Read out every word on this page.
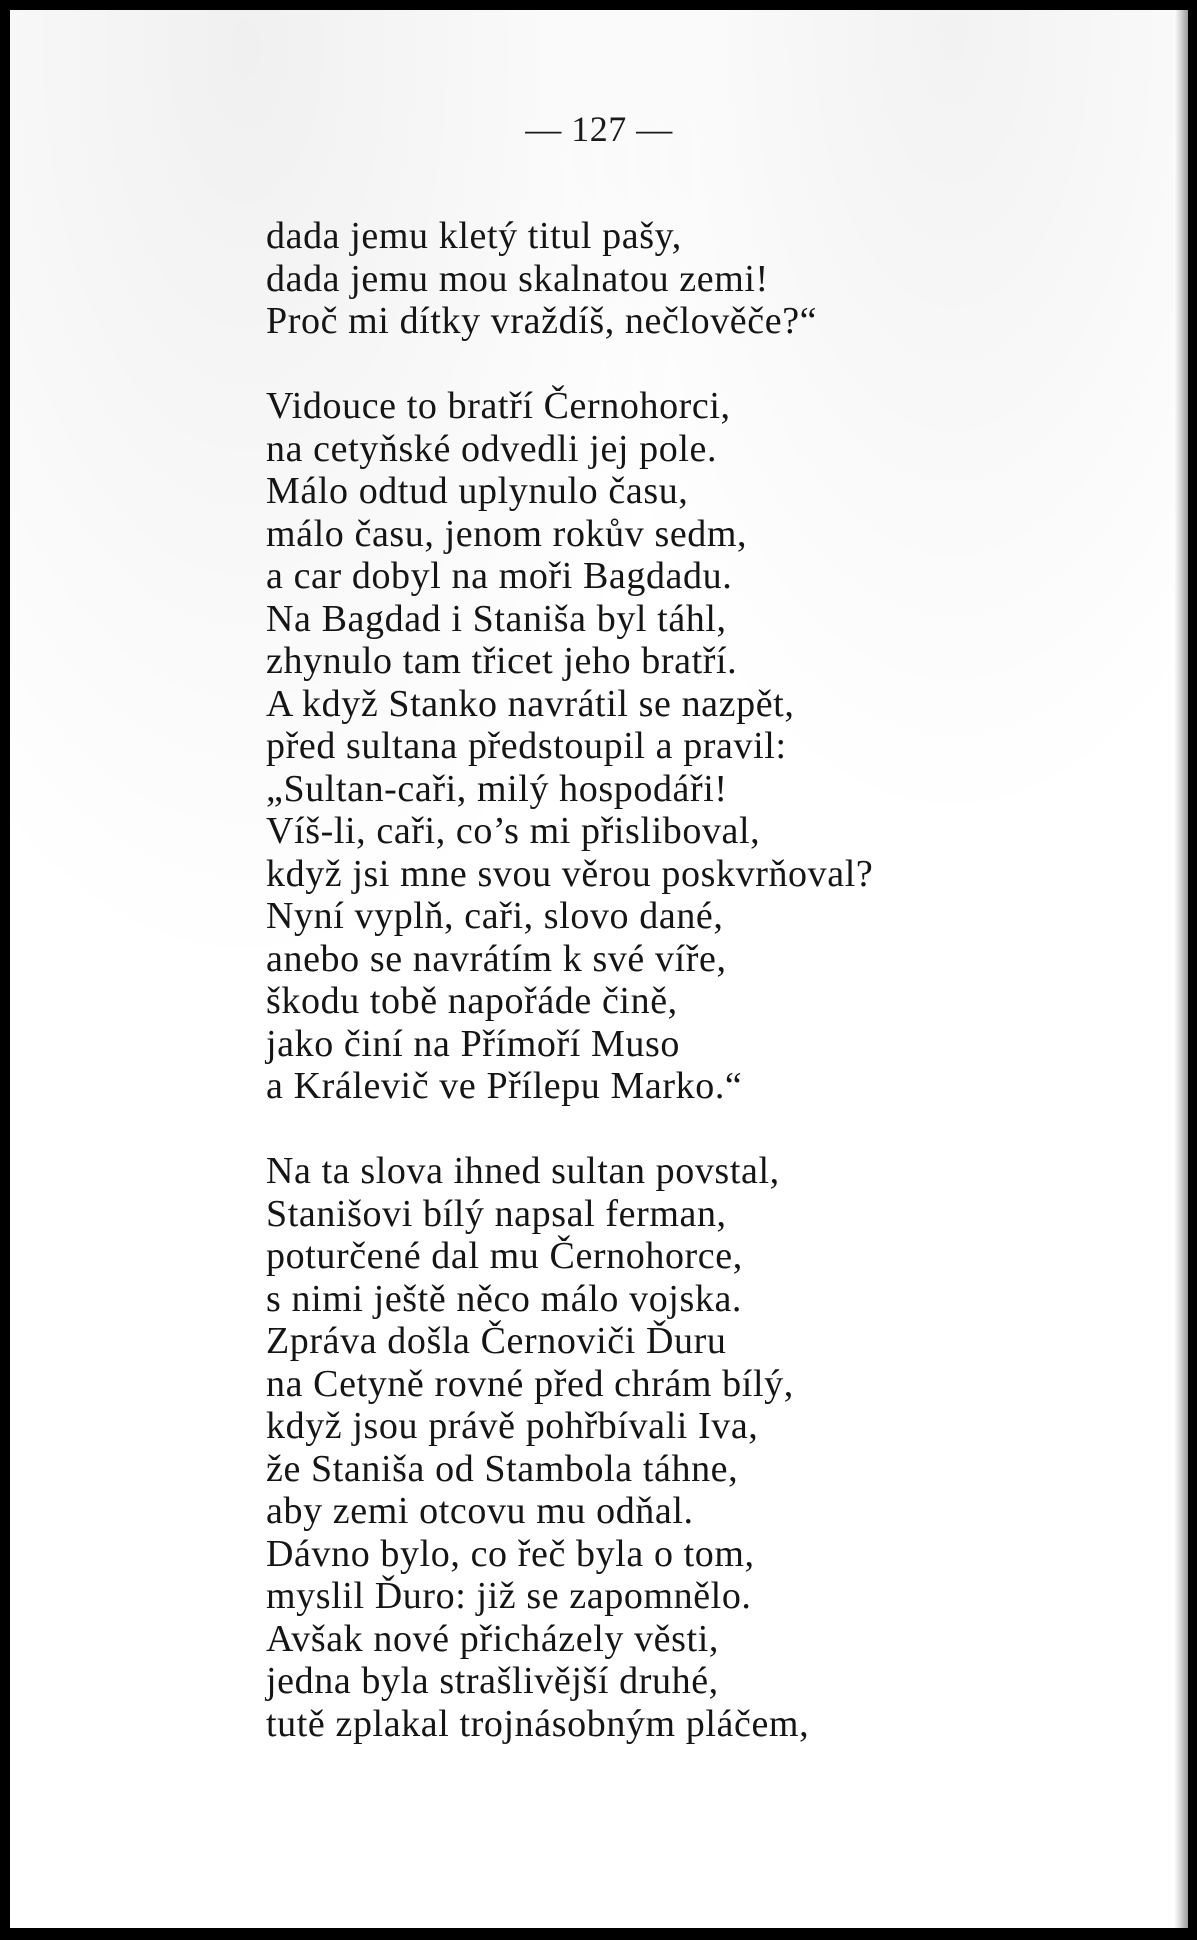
— 127 —
dada jemu kletý titul pašy,
dada jemu mou skalnatou zemi!
Proč mi dítky vraždíš, nečlověče?“
Vidouce to bratří Černohorci,
na cetyňské odvedli jej pole.
Málo odtud uplynulo času,
málo času, jenom rokův sedm,
a car dobyl na moři Bagdadu.
Na Bagdad i Staniša byl táhl,
zhynulo tam třicet jeho bratří.
A když Stanko navrátil se nazpět,
před sultana předstoupil a pravil:
„Sultan-caři, milý hospodáři!
Víš-li, caři, co’s mi přisliboval,
když jsi mne svou věrou poskvrňoval?
Nyní vyplň, caři, slovo dané,
anebo se navrátím k své víře,
škodu tobě napořáde čině,
jako činí na Přímoří Muso
a Králevič ve Přílepu Marko.“
Na ta slova ihned sultan povstal,
Stanišovi bílý napsal ferman,
poturčené dal mu Černohorce,
s nimi ještě něco málo vojska.
Zpráva došla Černoviči Ďuru
na Cetyně rovné před chrám bílý,
když jsou právě pohřbívali Iva,
že Staniša od Stambola táhne,
aby zemi otcovu mu odňal.
Dávno bylo, co řeč byla o tom,
myslil Ďuro: již se zapomnělo.
Avšak nové přicházely věsti,
jedna byla strašlivější druhé,
tutě zplakal trojnásobným pláčem,
